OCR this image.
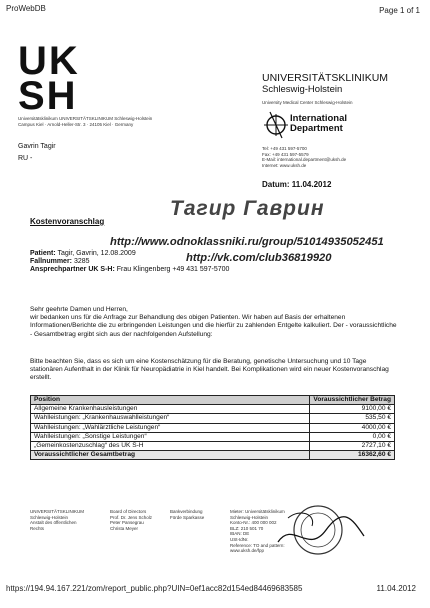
ProWebDB	Page 1 of 1
UK
SH
Universitätsklinikum UNIVERSITÄTSKLINIKUM Schleswig-Holstein
Campus Kiel · Arnold-Heller-Str. 3 · 24105 Kiel · Germany
Gavrin Tagir
RU -
UNIVERSITÄTSKLINIKUM
Schleswig-Holstein
University Medical Center Schleswig-Holstein
International
Department
Tel: +49 431 597-5700
Fax: +49 431 597-5579
E-Mail: international.department@uksh.de
Internet: www.uksh.de
Datum: 11.04.2012
Тагир Гаврин
Kostenvoranschlag
http://www.odnoklassniki.ru/group/51014935052451
Patient: Tagir, Gavrin, 12.08.2009
Fallnummer: 3285
Ansprechpartner UK S-H: Frau Klingenberg +49 431 597-5700
http://vk.com/club36819920
Sehr geehrte Damen und Herren,
wir bedanken uns für die Anfrage zur Behandlung des obigen Patienten. Wir haben auf Basis der erhaltenen Informationen/Berichte die zu erbringenden Leistungen und die hierfür zu zahlenden Entgelte kalkuliert. Der - voraussichtliche - Gesamtbetrag ergibt sich aus der nachfolgenden Aufstellung:
Bitte beachten Sie, dass es sich um eine Kostenschätzung für die Beratung, genetische Untersuchung und 10 Tage stationären Aufenthalt in der Klinik für Neuropädiatrie in Kiel handelt. Bei Komplikationen wird ein neuer Kostenvoranschlag erstellt.
Position	Voraussichtlicher Betrag
Allgemeine Krankenhausleistungen	9100,00 €
Wahlleistungen: „Krankenhauswahlleistungen“	535,50 €
Wahlleistungen: „Wahlärztliche Leistungen“	4000,00 €
Wahlleistungen: „Sonstige Leistungen“	0,00 €
„Gemeinkostenzuschlag“ des UK S-H	2727,10 €
Voraussichtlicher Gesamtbetrag	16362,60 €
UNIVERSITÄTSKLINIKUM
Schleswig-Holstein
Anstalt des öffentlichen Rechts
Board of Directors
Prof. Dr. Jens Scholz
Peter Pansegrau
Christa Meyer
Bankverbindung
Förde Sparkasse
Mieter: Universitätsklinikum Schleswig-Holstein
Konto-Nr.: 400 000 002
BLZ: 210 501 70
IBAN: DE
USt-IdNr.
Reference: TO and pattern: www.uksh.de/fpp
https://194.94.167.221/zom/report_public.php?UIN=0ef1acc82d154ed84469683585	11.04.2012
